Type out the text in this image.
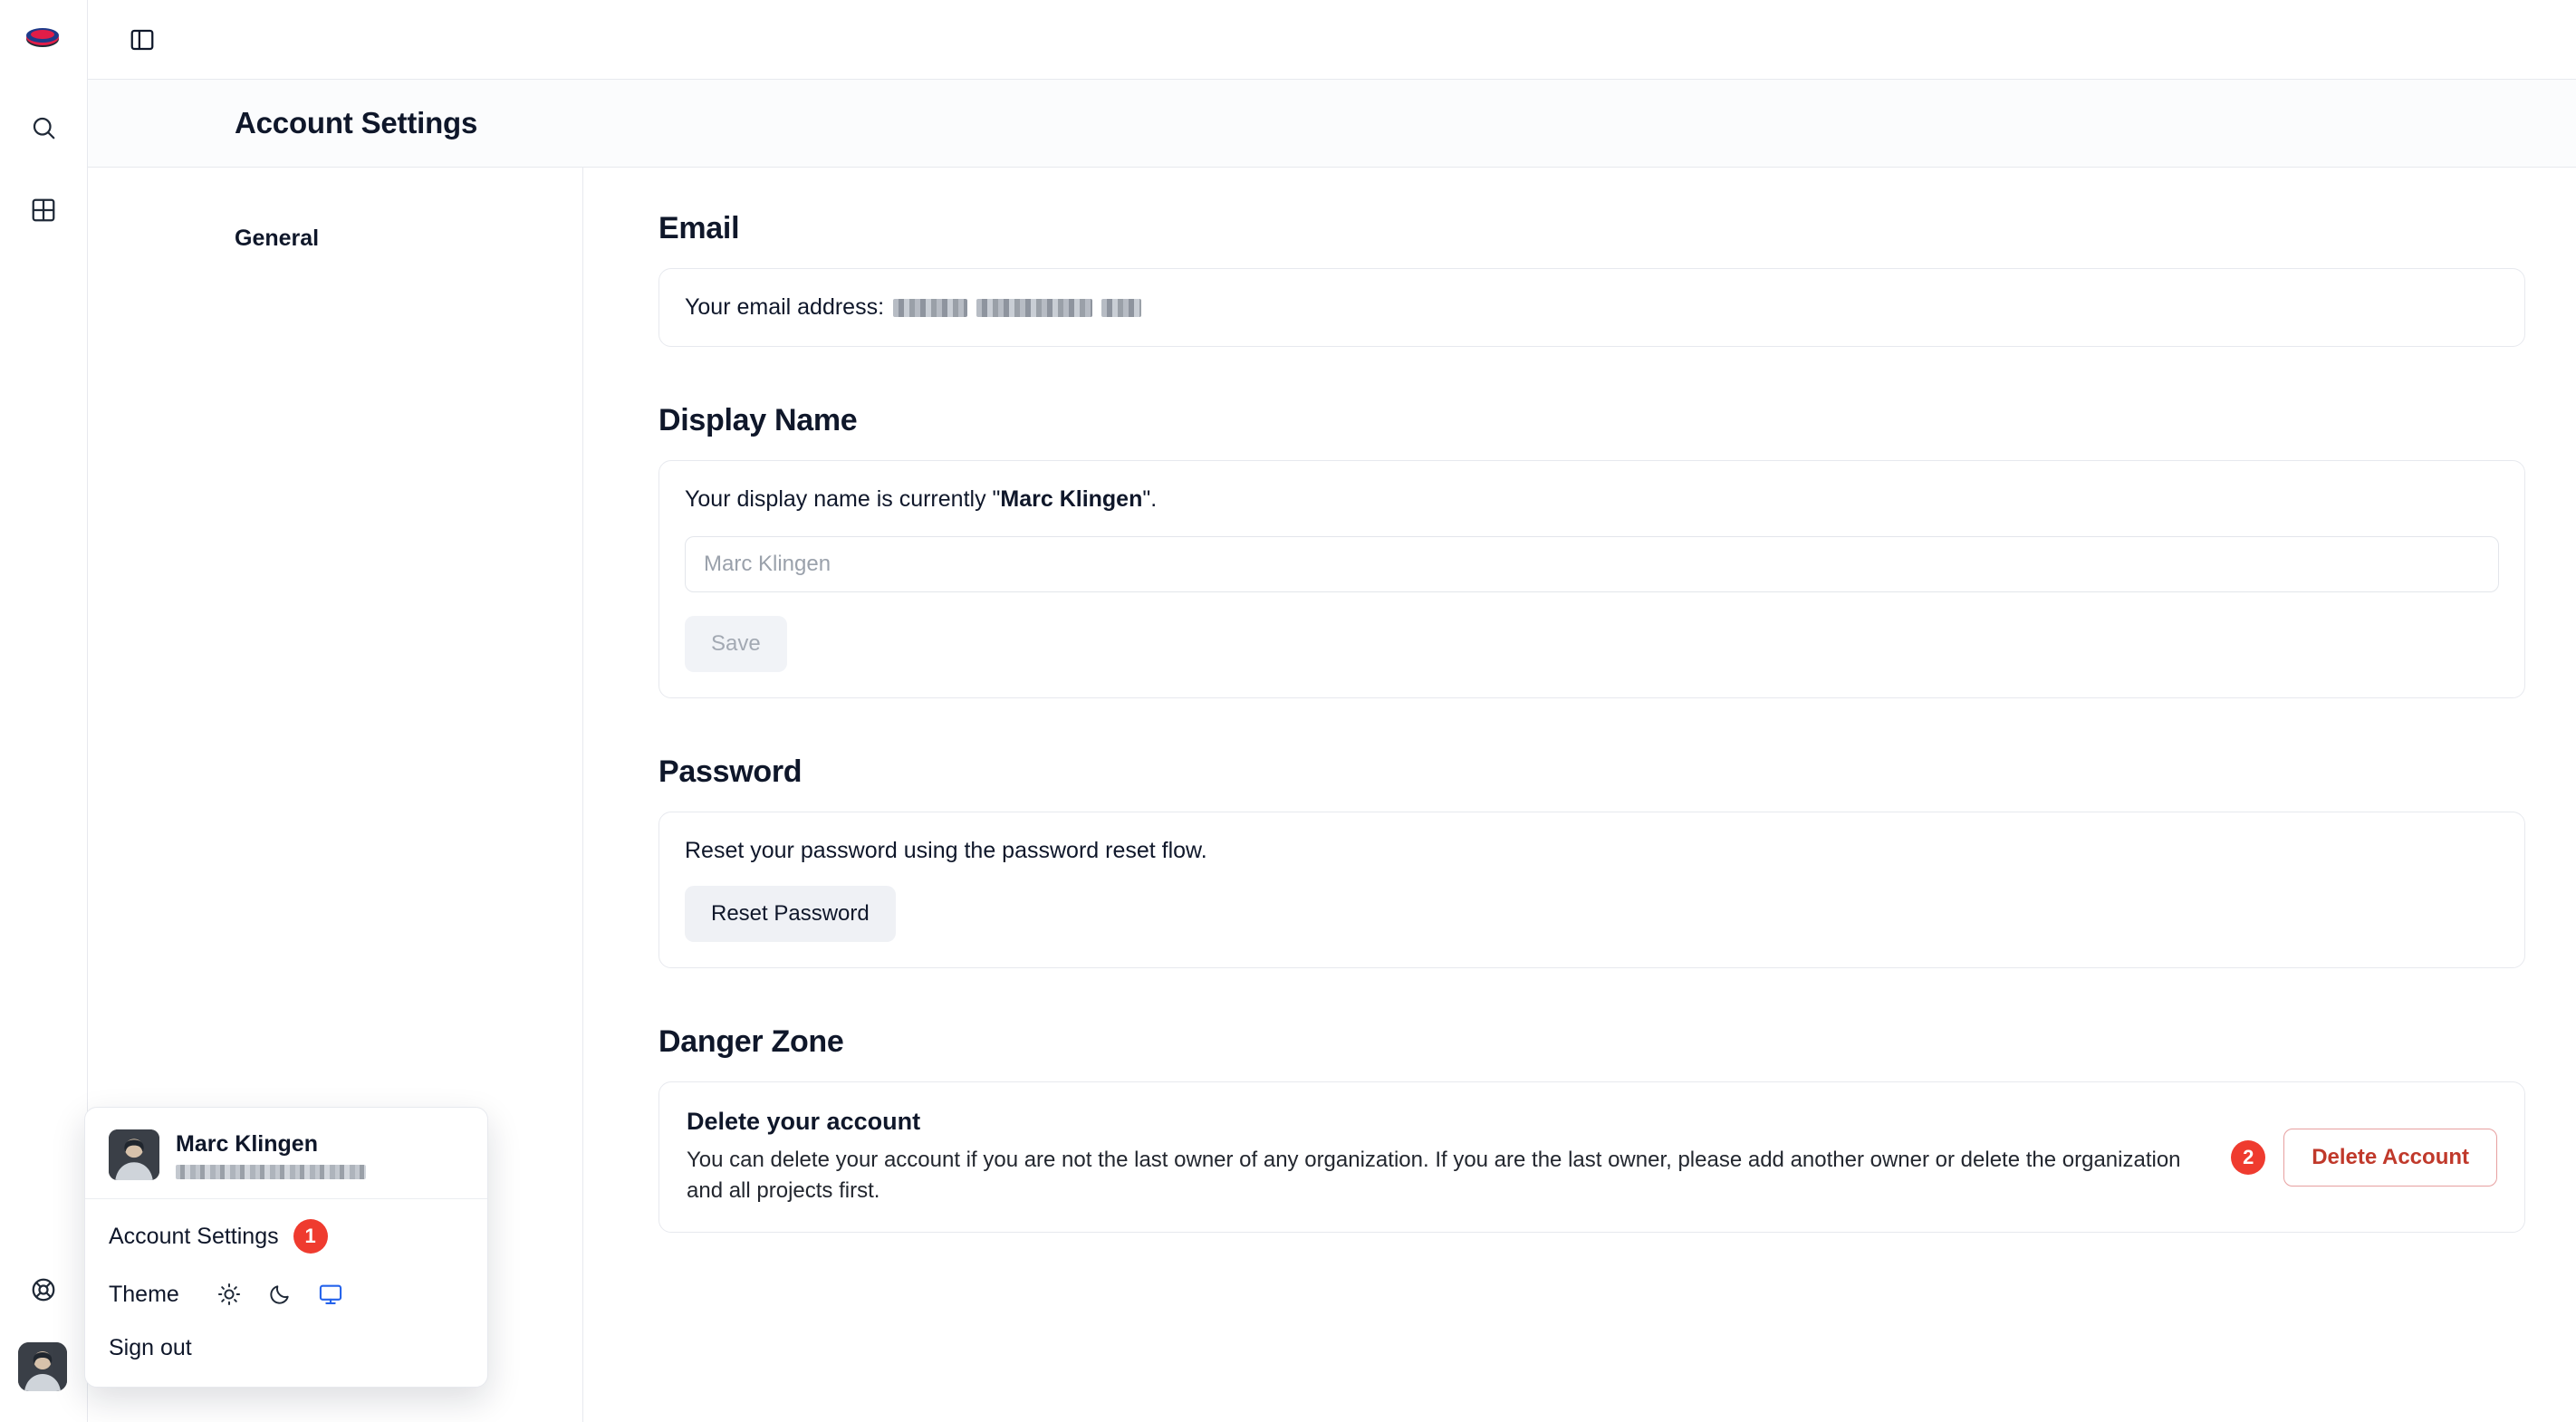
Account Settings
General	Email
Your email address:
Display Name
Your display name is currently "Marc Klingen".
Marc Klingen Save
Password
Reset your password using the password reset flow.
Reset Password
Danger Zone
Delete your account
You can delete your account if you are not the last owner of any organization. If you are the last owner, please add another owner or delete the organization and all projects first.
2	Delete Account
Marc Klingen
Account Settings	1
Theme
Sign out
